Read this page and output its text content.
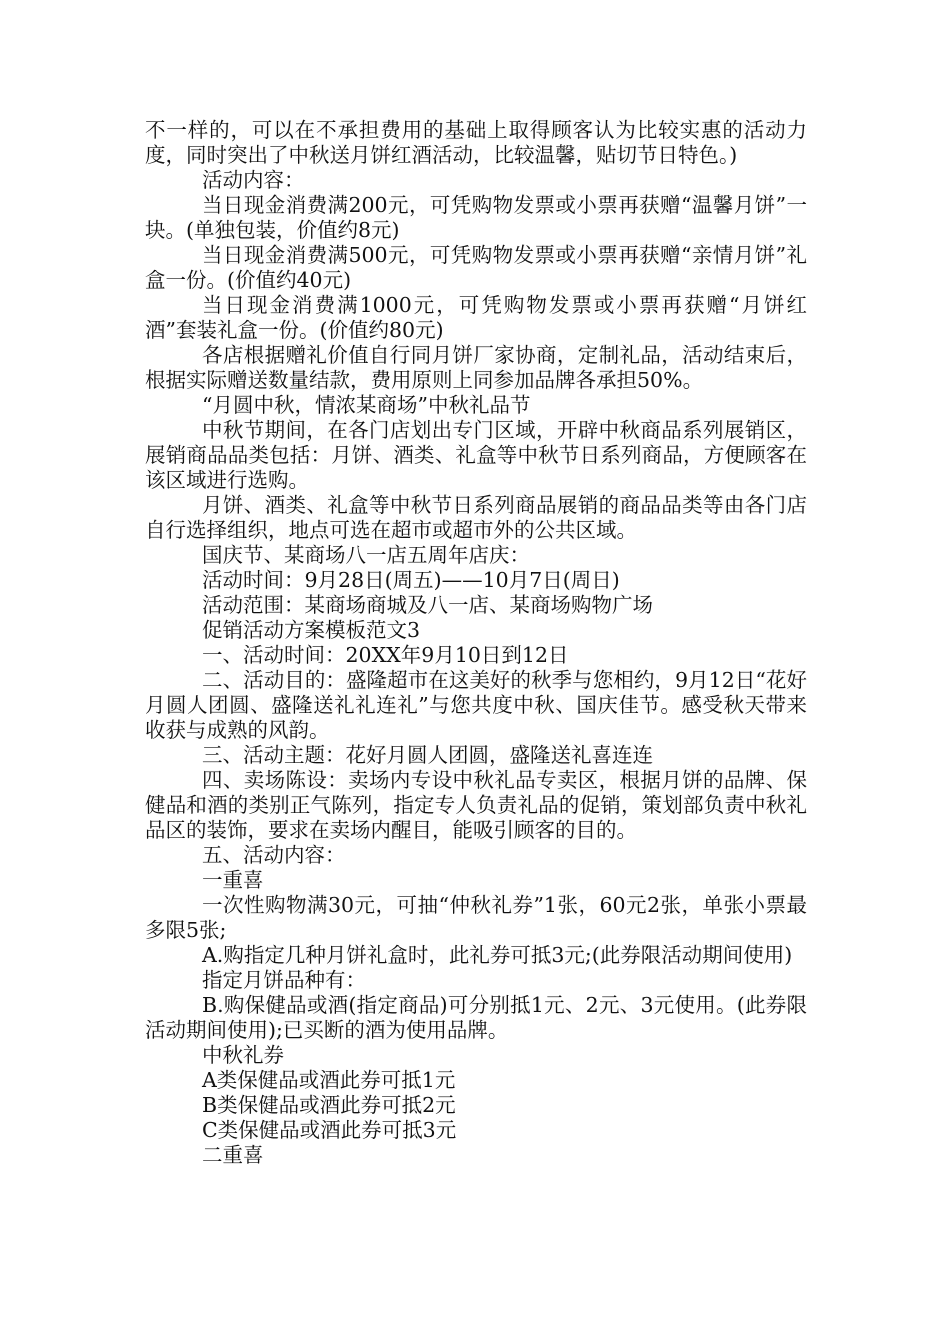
不一样的，可以在不承担费用的基础上取得顾客认为比较实惠的活动力度，同时突出了中秋送月饼红酒活动，比较温馨，贴切节日特色。)

活动内容：

当日现金消费满200元，可凭购物发票或小票再获赠“温馨月饼”一块。(单独包装，价值约8元)

当日现金消费满500元，可凭购物发票或小票再获赠“亲情月饼”礼盒一份。(价值约40元)

当日现金消费满1000元，可凭购物发票或小票再获赠“月饼红酒”套装礼盒一份。(价值约80元)

各店根据赠礼价值自行同月饼厂家协商，定制礼品，活动结束后，根据实际赠送数量结款，费用原则上同参加品牌各承担50%。

“月圆中秋，情浓某商场”中秋礼品节

中秋节期间，在各门店划出专门区域，开辟中秋商品系列展销区，展销商品品类包括：月饼、酒类、礼盒等中秋节日系列商品，方便顾客在该区域进行选购。

月饼、酒类、礼盒等中秋节日系列商品展销的商品品类等由各门店自行选择组织，地点可选在超市或超市外的公共区域。

国庆节、某商场八一店五周年店庆：

活动时间：9月28日(周五)——10月7日(周日)

活动范围：某商场商城及八一店、某商场购物广场

促销活动方案模板范文3

一、活动时间：20XX年9月10日到12日

二、活动目的：盛隆超市在这美好的秋季与您相约，9月12日“花好月圆人团圆、盛隆送礼礼连礼”与您共度中秋、国庆佳节。感受秋天带来收获与成熟的风韵。

三、活动主题：花好月圆人团圆，盛隆送礼喜连连

四、卖场陈设：卖场内专设中秋礼品专卖区，根据月饼的品牌、保健品和酒的类别正气陈列，指定专人负责礼品的促销，策划部负责中秋礼品区的装饰，要求在卖场内醒目，能吸引顾客的目的。

五、活动内容：

一重喜

一次性购物满30元，可抽“仲秋礼券”1张，60元2张，单张小票最多限5张;

A.购指定几种月饼礼盒时，此礼券可抵3元;(此券限活动期间使用)

指定月饼品种有：

B.购保健品或酒(指定商品)可分别抵1元、2元、3元使用。(此券限活动期间使用);已买断的酒为使用品牌。

中秋礼券

A类保健品或酒此券可抵1元

B类保健品或酒此券可抵2元

C类保健品或酒此券可抵3元

二重喜
